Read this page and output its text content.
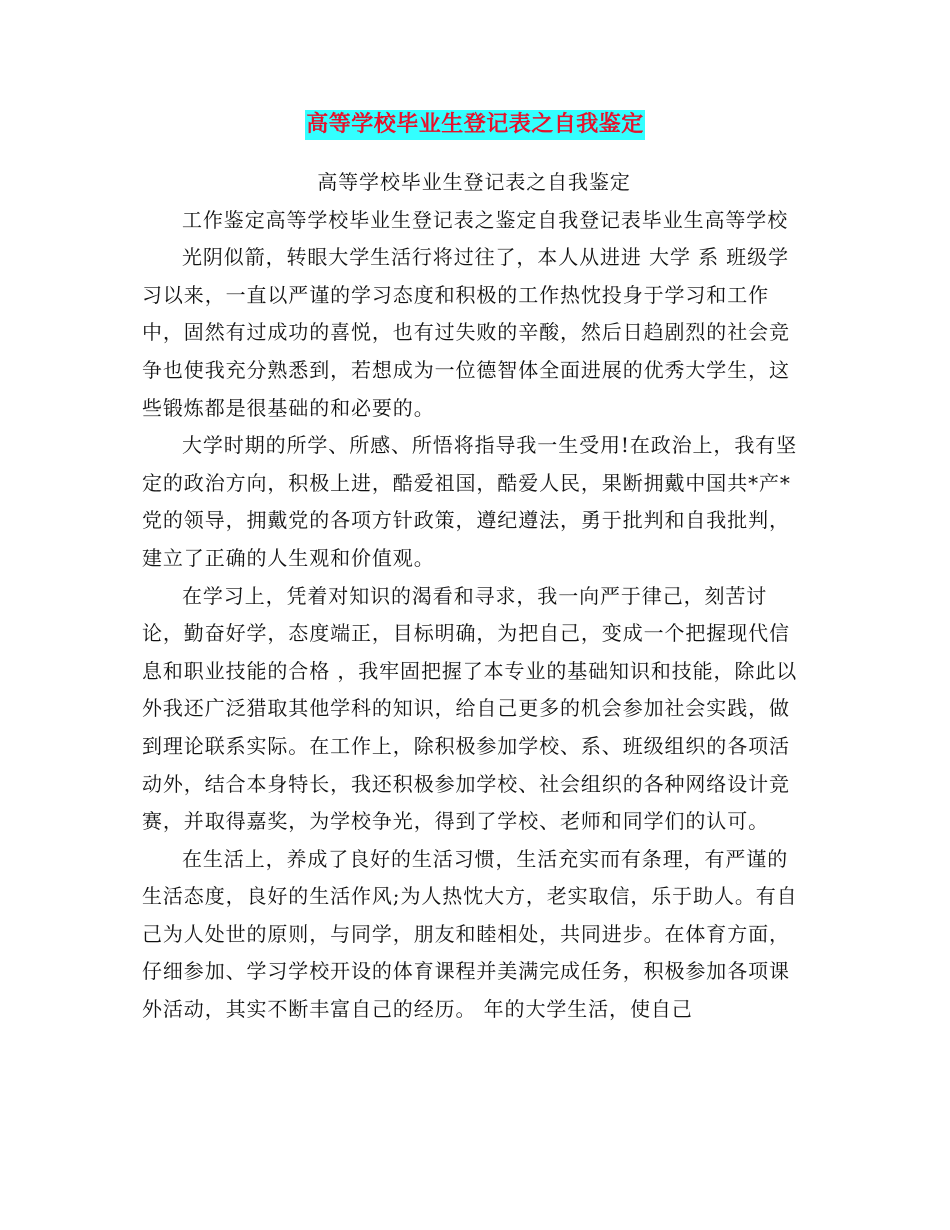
高等学校毕业生登记表之自我鉴定

高等学校毕业生登记表之自我鉴定

工作鉴定高等学校毕业生登记表之鉴定自我登记表毕业生高等学校

光阴似箭，转眼大学生活行将过往了，本人从进进 大学 系 班级学习以来，一直以严谨的学习态度和积极的工作热忱投身于学习和工作中，固然有过成功的喜悦，也有过失败的辛酸，然后日趋剧烈的社会竞争也使我充分熟悉到，若想成为一位德智体全面进展的优秀大学生，这些锻炼都是很基础的和必要的。

大学时期的所学、所感、所悟将指导我一生受用!在政治上，我有坚定的政治方向，积极上进，酷爱祖国，酷爱人民，果断拥戴中国共*产*党的领导，拥戴党的各项方针政策，遵纪遵法，勇于批判和自我批判，建立了正确的人生观和价值观。

在学习上，凭着对知识的渴看和寻求，我一向严于律己，刻苦讨论，勤奋好学，态度端正，目标明确，为把自己，变成一个把握现代信息和职业技能的合格 ，我牢固把握了本专业的基础知识和技能，除此以外我还广泛猎取其他学科的知识，给自己更多的机会参加社会实践，做到理论联系实际。在工作上，除积极参加学校、系、班级组织的各项活动外，结合本身特长，我还积极参加学校、社会组织的各种网络设计竞赛，并取得嘉奖，为学校争光，得到了学校、老师和同学们的认可。

在生活上，养成了良好的生活习惯，生活充实而有条理，有严谨的生活态度，良好的生活作风;为人热忱大方，老实取信，乐于助人。有自己为人处世的原则，与同学，朋友和睦相处，共同进步。在体育方面，仔细参加、学习学校开设的体育课程并美满完成任务，积极参加各项课外活动，其实不断丰富自己的经历。 年的大学生活，使自己
